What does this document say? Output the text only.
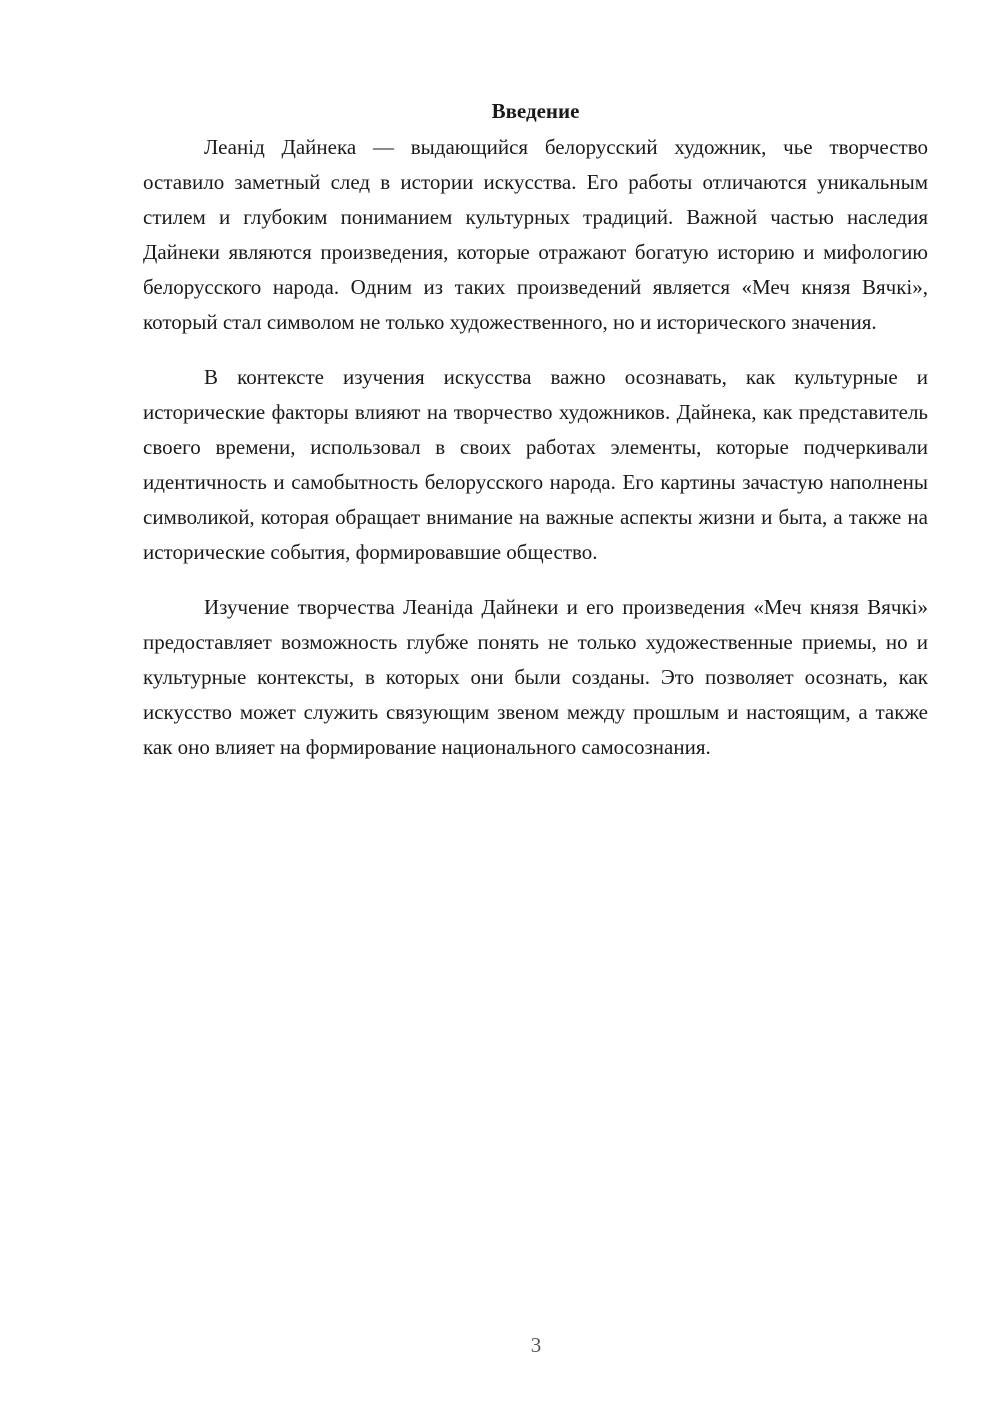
Введение

Леанід Дайнека — выдающийся белорусский художник, чье творчество оставило заметный след в истории искусства. Его работы отличаются уникальным стилем и глубоким пониманием культурных традиций. Важной частью наследия Дайнеки являются произведения, которые отражают богатую историю и мифологию белорусского народа. Одним из таких произведений является «Меч князя Вячкі», который стал символом не только художественного, но и исторического значения.

В контексте изучения искусства важно осознавать, как культурные и исторические факторы влияют на творчество художников. Дайнека, как представитель своего времени, использовал в своих работах элементы, которые подчеркивали идентичность и самобытность белорусского народа. Его картины зачастую наполнены символикой, которая обращает внимание на важные аспекты жизни и быта, а также на исторические события, формировавшие общество.

Изучение творчества Леаніда Дайнеки и его произведения «Меч князя Вячкі» предоставляет возможность глубже понять не только художественные приемы, но и культурные контексты, в которых они были созданы. Это позволяет осознать, как искусство может служить связующим звеном между прошлым и настоящим, а также как оно влияет на формирование национального самосознания.

3
